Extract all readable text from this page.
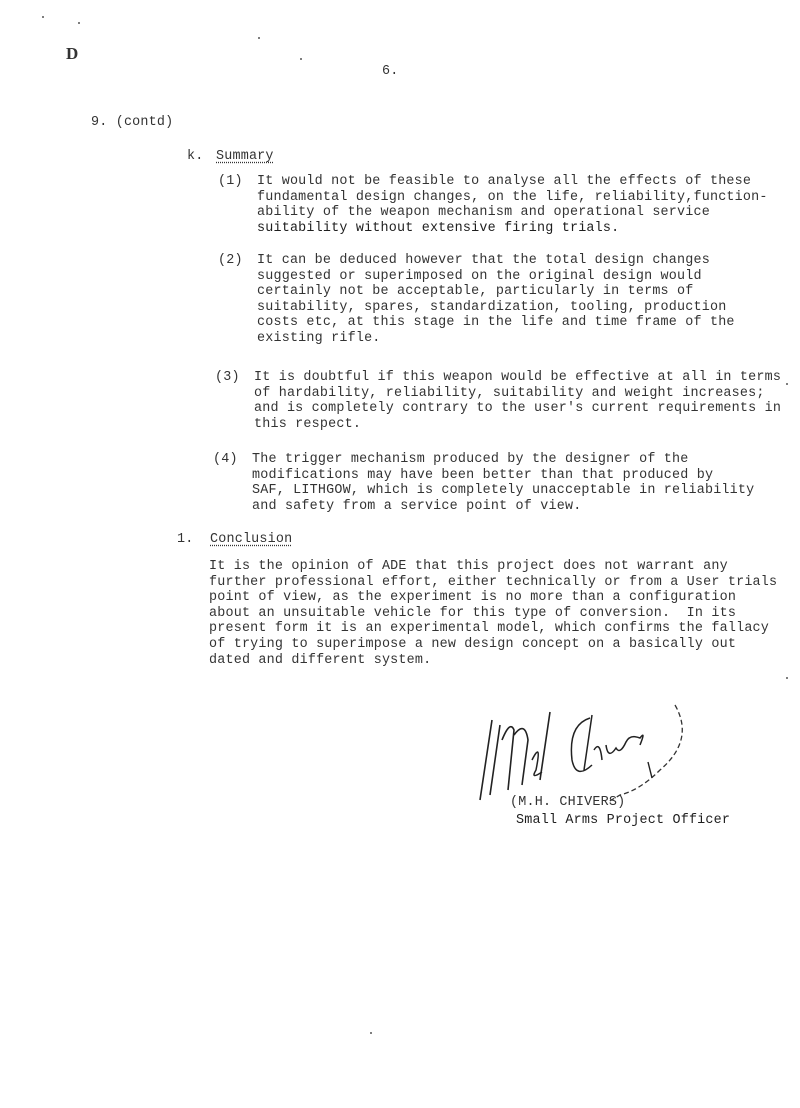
D
6.
9. (contd)
k. Summary
(1) It would not be feasible to analyse all the effects of these
fundamental design changes, on the life, reliability,function-
ability of the weapon mechanism and operational service
suitability without extensive firing trials.
(2) It can be deduced however that the total design changes
suggested or superimposed on the original design would
certainly not be acceptable, particularly in terms of
suitability, spares, standardization, tooling, production
costs etc, at this stage in the life and time frame of the
existing rifle.
(3) It is doubtful if this weapon would be effective at all in terms
of hardability, reliability, suitability and weight increases;
and is completely contrary to the user's current requirements in
this respect.
(4) The trigger mechanism produced by the designer of the
modifications may have been better than that produced by
SAF, LITHGOW, which is completely unacceptable in reliability
and safety from a service point of view.
1. Conclusion
It is the opinion of ADE that this project does not warrant any
further professional effort, either technically or from a User trials
point of view, as the experiment is no more than a configuration
about an unsuitable vehicle for this type of conversion.  In its
present form it is an experimental model, which confirms the fallacy
of trying to superimpose a new design concept on a basically out
dated and different system.
(M.H. CHIVERS)
Small Arms Project Officer
